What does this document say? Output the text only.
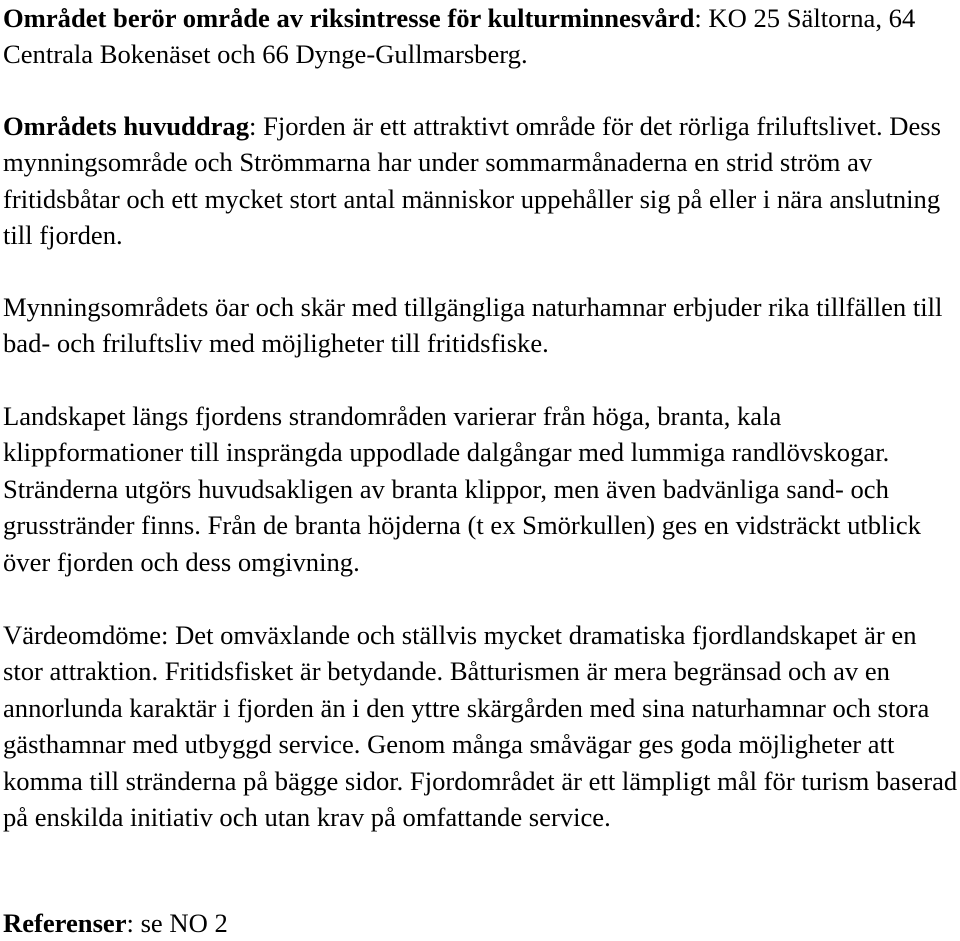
Området berör område av riksintresse för kulturminnesvård: KO 25 Sältorna, 64 Centrala Bokenäset och 66 Dynge-Gullmarsberg.

Områdets huvuddrag: Fjorden är ett attraktivt område för det rörliga friluftslivet. Dess mynningsområde och Strömmarna har under sommarmånaderna en strid ström av fritidsbåtar och ett mycket stort antal människor uppehåller sig på eller i nära anslutning till fjorden.

Mynningsområdets öar och skär med tillgängliga naturhamnar erbjuder rika tillfällen till bad- och friluftsliv med möjligheter till fritidsfiske.

Landskapet längs fjordens strandområden varierar från höga, branta, kala klippformationer till insprängda uppodlade dalgångar med lummiga randlövskogar. Stränderna utgörs huvudsakligen av branta klippor, men även badvänliga sand- och grusstränder finns. Från de branta höjderna (t ex Smörkullen) ges en vidsträckt utblick över fjorden och dess omgivning.

Värdeomdöme: Det omväxlande och ställvis mycket dramatiska fjordlandskapet är en stor attraktion. Fritidsfisket är betydande. Båtturismen är mera begränsad och av en annorlunda karaktär i fjorden än i den yttre skärgården med sina naturhamnar och stora gästhamnar med utbyggd service. Genom många småvägar ges goda möjligheter att komma till stränderna på bägge sidor. Fjordområdet är ett lämpligt mål för turism baserad på enskilda initiativ och utan krav på omfattande service.

Referenser: se NO 2
